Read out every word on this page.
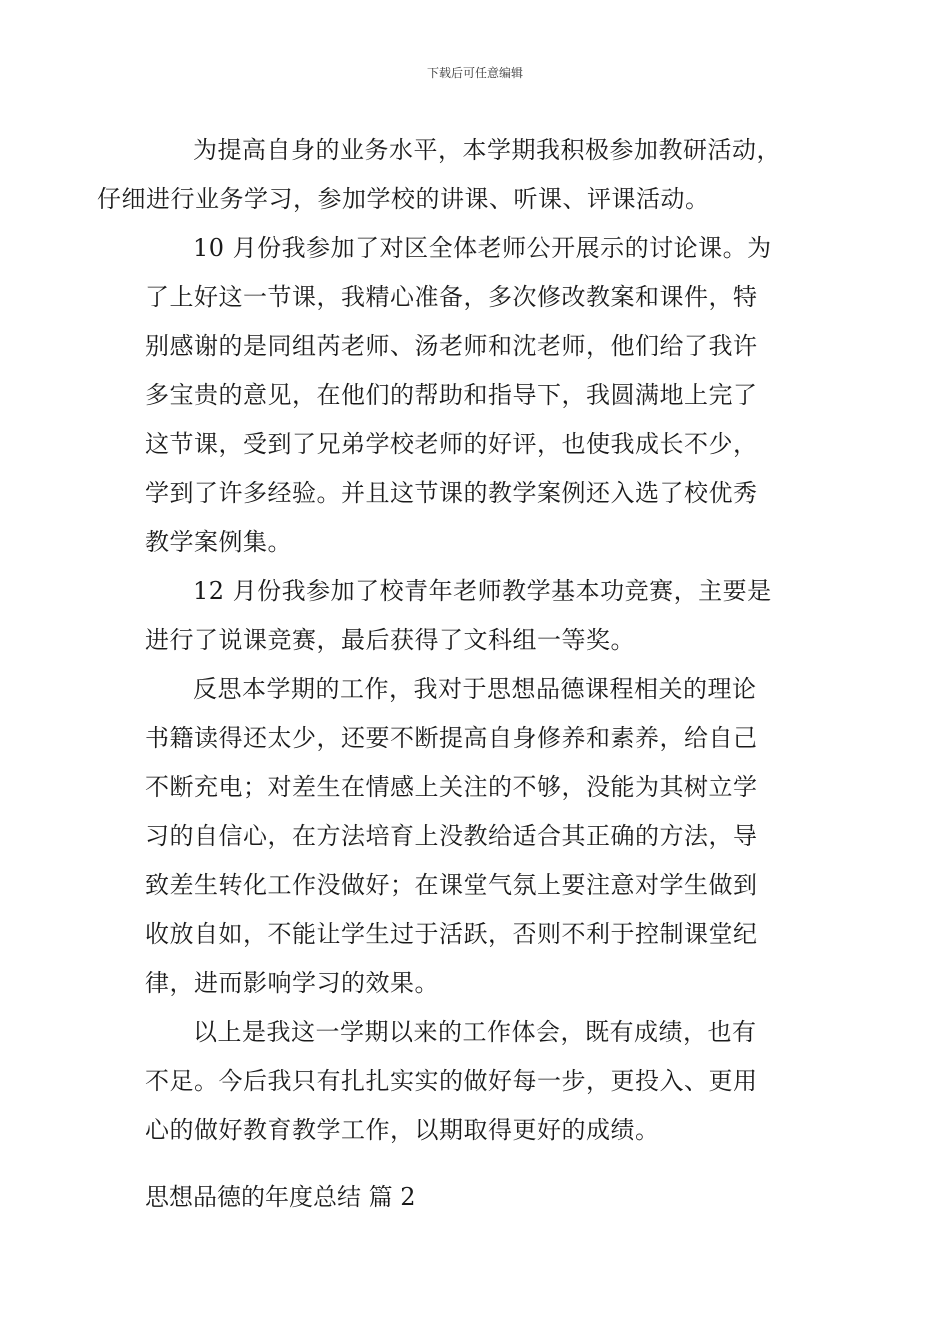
下载后可任意编辑

为提高自身的业务水平，本学期我积极参加教研活动，
仔细进行业务学习，参加学校的讲课、听课、评课活动。

10 月份我参加了对区全体老师公开展示的讨论课。为
了上好这一节课，我精心准备，多次修改教案和课件，特
别感谢的是同组芮老师、汤老师和沈老师，他们给了我许
多宝贵的意见，在他们的帮助和指导下，我圆满地上完了
这节课，受到了兄弟学校老师的好评，也使我成长不少，
学到了许多经验。并且这节课的教学案例还入选了校优秀
教学案例集。

12 月份我参加了校青年老师教学基本功竞赛，主要是
进行了说课竞赛，最后获得了文科组一等奖。

反思本学期的工作，我对于思想品德课程相关的理论
书籍读得还太少，还要不断提高自身修养和素养，给自己
不断充电；对差生在情感上关注的不够，没能为其树立学
习的自信心，在方法培育上没教给适合其正确的方法，导
致差生转化工作没做好；在课堂气氛上要注意对学生做到
收放自如，不能让学生过于活跃，否则不利于控制课堂纪
律，进而影响学习的效果。

以上是我这一学期以来的工作体会，既有成绩，也有
不足。今后我只有扎扎实实的做好每一步，更投入、更用
心的做好教育教学工作，以期取得更好的成绩。

思想品德的年度总结 篇 2
